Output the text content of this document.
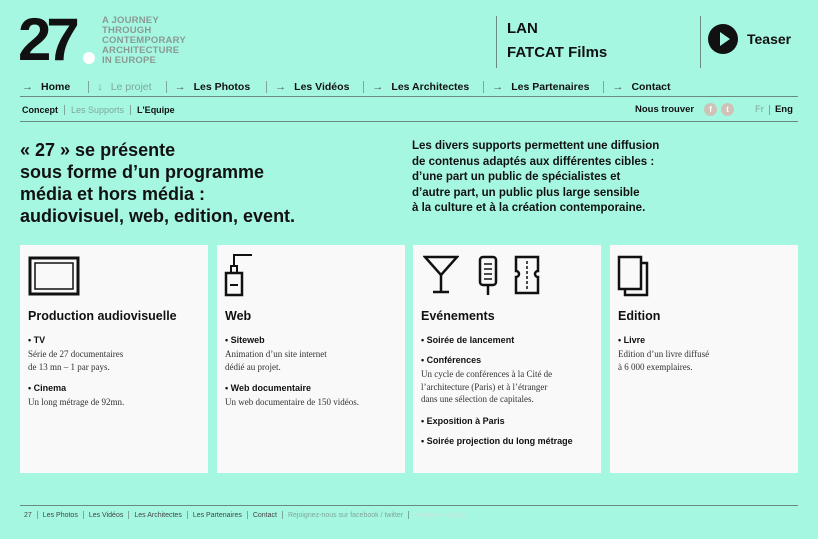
27	A JOURNEY
THROUGH
CONTEMPORARY
ARCHITECTURE
IN EUROPE
LAN
FATCAT Films
Teaser
→ Home ↓ Le projet → Les Photos → Les Vidéos → Les Architectes → Les Partenaires → Contact
Concept Les Supports L'Equipe	Nous trouver	f	t	Fr Eng
« 27 » se présente
sous forme d’un programme
média et hors média :
audiovisuel, web, edition, event.
Les divers supports permettent une diffusion
de contenus adaptés aux différentes cibles :
d’une part un public de spécialistes et
d’autre part, un public plus large sensible
à la culture et à la création contemporaine.
Production audiovisuelle
• TV
Série de 27 documentaires
de 13 mn – 1 par pays.
• Cinema
Un long métrage de 92mn.
Web
• Siteweb
Animation d’un site internet
dédié au projet.
• Web documentaire
Un web documentaire de 150 vidéos.
Evénements
• Soirée de lancement
• Conférences
Un cycle de conférences à la Cité de
l’architecture (Paris) et à l’étranger
dans une sélection de capitales.
• Exposition à Paris
• Soirée projection du long métrage
Edition
• Livre
Edition d’un livre diffusé
à 6 000 exemplaires.
27 Les Photos Les Vidéos Les Architectes Les Partenaires Contact Rejoignez-nous sur facebook / twitter Mentions légales
